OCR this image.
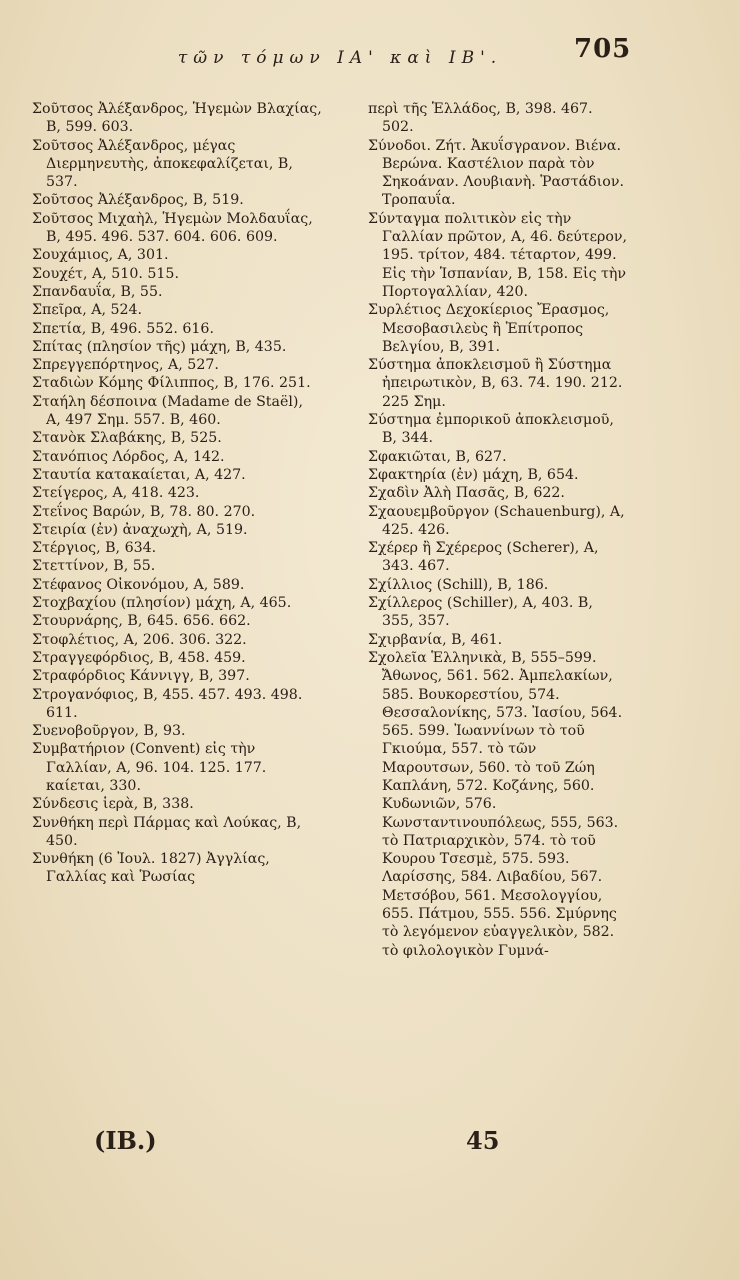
τῶν τόμων ΙΑ' καὶ ΙΒ'.	705

Σοῦτσος Ἀλέξανδρος, Ἡγεμὼν Βλαχίας, Β, 599. 603.

Σοῦτσος Ἀλέξανδρος, μέγας Διερμηνευτὴς, ἀποκεφαλίζεται, Β, 537.

Σοῦτσος Ἀλέξανδρος, Β, 519.

Σοῦτσος Μιχαὴλ, Ἡγεμὼν Μολδαυΐας, Β, 495. 496. 537. 604. 606. 609.

Σουχάμιος, Α, 301.

Σουχέτ, Α, 510. 515.

Σπανδαυΐα, Β, 55.

Σπεῖρα, Α, 524.

Σπετία, Β, 496. 552. 616.

Σπίτας (πλησίον τῆς) μάχη, Β, 435.

Σπρεγγεπόρτηνος, Α, 527.

Σταδιὼν Κόμης Φίλιππος, Β, 176. 251.

Σταήλη δέσποινα (Madame de Staël), Α, 497 Σημ. 557. Β, 460.

Στανὸκ Σλαβάκης, Β, 525.

Στανόπιος Λόρδος, Α, 142.

Σταυτία κατακαίεται, Α, 427.

Στείγερος, Α, 418. 423.

Στεΐνος Βαρών, Β, 78. 80. 270.

Στειρία (ἐν) ἀναχωχὴ, Α, 519.

Στέργιος, Β, 634.

Στεττίνον, Β, 55.

Στέφανος Οἰκονόμου, Α, 589.

Στοχβαχίου (πλησίον) μάχη, Α, 465.

Στουρνάρης, Β, 645. 656. 662.

Στοφλέτιος, Α, 206. 306. 322.

Στραγγεφόρδιος, Β, 458. 459.

Στραφόρδιος Κάννιγγ, Β, 397.

Στρογανόφιος, Β, 455. 457. 493. 498. 611.

Συενοβοῦργον, Β, 93.

Συμβατήριον (Convent) εἰς τὴν Γαλλίαν, Α, 96. 104. 125. 177. καίεται, 330.

Σύνδεσις ἱερὰ, Β, 338.

Συνθήκη περὶ Πάρμας καὶ Λούκας, Β, 450.

Συνθήκη (6 Ἰουλ. 1827) Ἀγγλίας, Γαλλίας καὶ Ῥωσίας

περὶ τῆς Ἑλλάδος, Β, 398. 467. 502.

Σύνοδοι. Ζήτ. Ἀκυΐσγρανον. Βιένα. Βερώνα. Καστέλιον παρὰ τὸν Σηκοάναν. Λουβιανὴ. Ῥαστάδιον. Τροπαυΐα.

Σύνταγμα πολιτικὸν εἰς τὴν Γαλλίαν πρῶτον, Α, 46. δεύτερον, 195. τρίτον, 484. τέταρτον, 499. Εἰς τὴν Ἱσπανίαν, Β, 158. Εἰς τὴν Πορτογαλλίαν, 420.

Συρλέτιος Δεχοκίεριος Ἔρασμος, Μεσοβασιλεὺς ἢ Ἐπίτροπος Βελγίου, Β, 391.

Σύστημα ἀποκλεισμοῦ ἢ Σύστημα ἠπειρωτικὸν, Β, 63. 74. 190. 212. 225 Σημ.

Σύστημα ἐμπορικοῦ ἀποκλεισμοῦ, Β, 344.

Σφακιῶται, Β, 627.

Σφακτηρία (ἐν) μάχη, Β, 654.

Σχαδὶν Ἀλὴ Πασᾶς, Β, 622.

Σχαουεμβοῦργον (Schauenburg), Α, 425. 426.

Σχέρερ ἢ Σχέρερος (Scherer), Α, 343. 467.

Σχίλλιος (Schill), Β, 186.

Σχίλλερος (Schiller), Α, 403. Β, 355, 357.

Σχιρβανία, Β, 461.

Σχολεῖα Ἑλληνικὰ, Β, 555–599. Ἄθωνος, 561. 562. Ἀμπελακίων, 585. Βουκορεστίου, 574. Θεσσαλονίκης, 573. Ἰασίου, 564. 565. 599. Ἰωαννίνων τὸ τοῦ Γκιούμα, 557. τὸ τῶν Μαρουτσων, 560. τὸ τοῦ Ζώη Καπλάνη, 572. Κοζάνης, 560. Κυδωνιῶν, 576. Κωνσταντινουπόλεως, 555, 563. τὸ Πατριαρχικὸν, 574. τὸ τοῦ Κουρου Τσεσμὲ, 575. 593. Λαρίσσης, 584. Λιβαδίου, 567. Μετσόβου, 561. Μεσολογγίου, 655. Πάτμου, 555. 556. Σμύρνης τὸ λεγόμενον εὐαγγελικὸν, 582. τὸ φιλολογικὸν Γυμνά-

(ΙΒ.)	45
